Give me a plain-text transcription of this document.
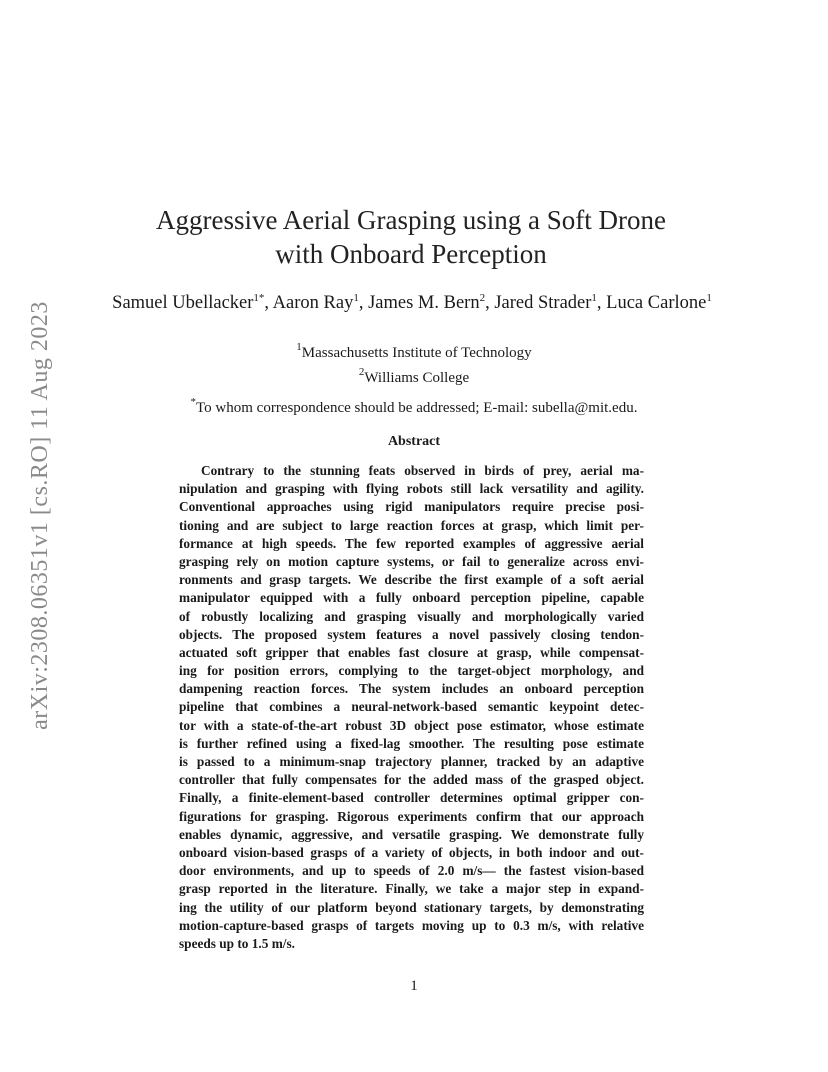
arXiv:2308.06351v1 [cs.RO] 11 Aug 2023
Aggressive Aerial Grasping using a Soft Drone
with Onboard Perception
Samuel Ubellacker$^{1*}$, Aaron Ray$^1$, James M. Bern$^2$, Jared Strader$^1$, Luca Carlone$^1$
$^1$Massachusetts Institute of Technology
$^2$Williams College
*To whom correspondence should be addressed; E-mail: subella@mit.edu.
Abstract
Contrary to the stunning feats observed in birds of prey, aerial ma-
nipulation and grasping with flying robots still lack versatility and agility.
Conventional approaches using rigid manipulators require precise posi-
tioning and are subject to large reaction forces at grasp, which limit per-
formance at high speeds. The few reported examples of aggressive aerial
grasping rely on motion capture systems, or fail to generalize across envi-
ronments and grasp targets. We describe the first example of a soft aerial
manipulator equipped with a fully onboard perception pipeline, capable
of robustly localizing and grasping visually and morphologically varied
objects. The proposed system features a novel passively closing tendon-
actuated soft gripper that enables fast closure at grasp, while compensat-
ing for position errors, complying to the target-object morphology, and
dampening reaction forces. The system includes an onboard perception
pipeline that combines a neural-network-based semantic keypoint detec-
tor with a state-of-the-art robust 3D object pose estimator, whose estimate
is further refined using a fixed-lag smoother. The resulting pose estimate
is passed to a minimum-snap trajectory planner, tracked by an adaptive
controller that fully compensates for the added mass of the grasped object.
Finally, a finite-element-based controller determines optimal gripper con-
figurations for grasping. Rigorous experiments confirm that our approach
enables dynamic, aggressive, and versatile grasping. We demonstrate fully
onboard vision-based grasps of a variety of objects, in both indoor and out-
door environments, and up to speeds of 2.0 m/s— the fastest vision-based
grasp reported in the literature. Finally, we take a major step in expand-
ing the utility of our platform beyond stationary targets, by demonstrating
motion-capture-based grasps of targets moving up to 0.3 m/s, with relative
speeds up to 1.5 m/s.
1
